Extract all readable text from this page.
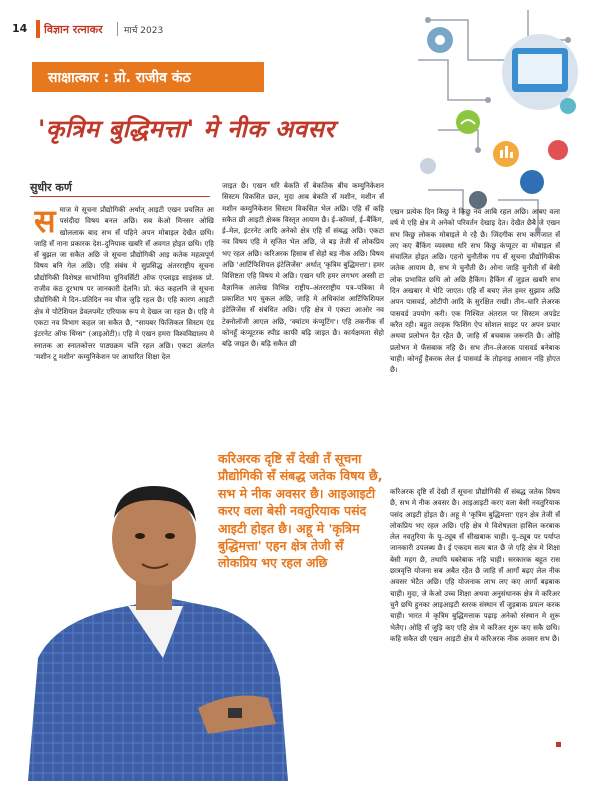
14 विज्ञान रत्नाकर मार्च 2023
साक्षात्कार : प्रो. राजीव कंठ
'कृत्रिम बुद्धिमत्ता' मे नीक अवसर
सुधीर कर्ण
समाज मे सूचना प्रौद्योगिकी अर्थात् आइटी एखन प्रचलित आ पसंदीदा विषय बनल अछि। सब केओ मिनसर ओखि खोललाक बाद सभ सँ पहिने अपन मोबाइल देखैत छथि। जाहि सँ नाना प्रकारक देश–दुनियाक खबरि सँ अवगत होइत छथि। एहि सँ बुझल जा सकैत अछि जे सूचना प्रौद्योगिकी आइ कतेक महत्वपूर्ण विषय बनि गेल अछि। एहि संबंध मे सुप्रसिद्ध अंतरराष्ट्रीय सूचना प्रौद्योगिकी विशेषज्ञ साभोनिया यूनिवर्सिटी ऑफ एप्लाइड साइंसक प्रो. राजीव कंठ दूरभाष पर जानकारी देलनि। प्रो. कंठ कहलनि जे सूचना प्रौद्योगिकी मे दिन–प्रतिदिन नव चीज जुड़ि रहल छै। एहि कारण आइटी क्षेत्र मे पोटेंशियल डेवलपमेंट एरियाक रूप मे देखल जा रहल छै। एहि मे एकटा नव विभाग कहल जा सकैत छै, "सायबर फिजिकल सिस्टम एंड इंटरनेट ऑफ थिंग्स" (आइओटी)। एहि मे एखन हमरा विश्वविद्यालय मे स्नातक आ स्नातकोत्तर पाठ्यक्रम चलि रहल अछि। एकटा अंतर्गत 'मशीन टू मशीन' कम्युनिकेशन पर आधारित शिक्षा देल
जाइत छै। एखन धरि बेकति सँ बेकतिक बीच कम्युनिकेशन सिस्टम विकसित छल, मुदा आब बेकति सँ मशीन, मशीन सँ मशीन कम्युनिकेशन सिस्टम विकसित भेल अछि। एहि सँ कहि सकैत छी आइटी क्षेत्रक विस्तृत आयाम छै। ई–कॉमर्स, ई–बैंकिंग, ई–मेल, इंटरनेट आदि अनेको क्षेत्र एहि सँ संबद्ध अछि। एकटा नव विषय एहि मे सृजित भेल अछि, जे बड़ तेजी सँ लोकप्रिय भए रहल अछि। करिअरक हिसाब सँ सेहो बड़ नीक अछि। विषय अछि 'आर्टिफिशियल इंटेलिजेंस' अर्थात् 'कृत्रिम बुद्धिमत्ता'। हमर विशिष्टता एहि विषय मे अछि। एखन धरि हमर लगभग अस्सी टा वैज्ञानिक आलेख विभिन्न राष्ट्रीय–अंतरराष्ट्रीय पत्र–पत्रिका मे प्रकाशित भए चुकल अछि, जाहि मे अधिकांश आर्टिफिशियल इंटेलिजेंस सँ संबंधित अछि। एहि क्षेत्र मे एकटा आओर नव टेक्नोलॉजी आएल अछि, 'क्वांटम कंप्यूटिंग'। एहि तकनीक सँ कोनहुँ कंप्यूटरक स्पीड काफी बढ़ि जाइत छै। कार्यक्षमता सेहो बढ़ि जाइत छै। बढ़ि सकैत छी
करिअरक दृष्टि सँ देखी तँ सूचना प्रौद्योगिकी सँ संबद्ध जतेक विषय छै, सभ मे नीक अवसर छै। आइआइटी करए वला बेसी नवतुरियाक पसंद आइटी होइत छै। अहू मे 'कृत्रिम बुद्धिमत्ता' एहन क्षेत्र तेजी सँ लोकप्रिय भए रहल अछि
एखन प्रत्येक दिन किछु ने किछु नव आबि रहल अछि। आबए वला वर्ष मे एहि क्षेत्र मे अनेको परिवर्तन देखाइ देत। देखैत छैबै जे एखन सभ किछु लोकक मोबाइले मे रहै छै। जिंदगीक सभ कागजात सँ लए कए बैंकिंग व्यवस्था धरि सभ किछु कंप्यूटर वा मोबाइल सँ संचालित होइत अछि। एहनो चुनौतीक गप सँ सूचना प्रौद्योगिकीक जतेक आयाम छै, सभ मे चुनौती छै। ओना जाहि चुनौती सँ बेसी लोक प्रभावित छथि ओ अछि हैकिंग। हैकिंग सँ जुड़ल खबरि सभ दिन अखबार मे भेटि जाएत। एहि सँ बचए लेल हमर सुझाव अछि अपन पासवर्ड, ओटीपी आदि के सुरक्षित राखी। तीन–चारि लेअरक पासवर्ड उपयोग करी। एक निश्चित अंतराल पर सिस्टम अपडेट करैत रही। बहुत तरहक फिशिंग ऐप सोशल साइट पर अपन प्रचार अथवा प्रलोभन दैत रहैत छै, जाहि सँ बचबाक जरूरति छै। ओहि प्रलोभन मे फँसबाक नहि छै। सभ तीन–लेअरक पासवर्ड बनेबाक चाही। कोनहुँ हैकरक लेल ई पासवर्ड के तोड़नाइ आसान नहि होएत छै।
करिअरक दृष्टि सँ देखी तँ सूचना प्रौद्योगिकी सँ संबद्ध जतेक विषय छै, सभ मे नीक अवसर छै। आइआइटी करए वला बेसी नवतुरियाक पसंद आइटी होइत छै। अहू मे 'कृत्रिम बुद्धिमत्ता' एहन क्षेत्र तेजी सँ लोकप्रिय भए रहल अछि। एहि क्षेत्र मे विशेषज्ञता हासिल करबाक लेल नवतुरिया के यू–ट्यूब सँ सीखबाक चाही। यू–ट्यूब पर पर्याप्त जानकारी उपलब्ध छै। ई एकदम सत्य बात छै जे एहि क्षेत्र मे शिक्षा बेसी महग छै, तथापि घबरेबाक नहि चाही। सरकारक बहुत रास छात्रवृत्ति योजना सब अबैत रहैत छै जाहि सँ आगाँ बढ़ए लेल नीक अवसर भेटैत अछि। एहि योजनाक लाभ लए कए आगाँ बढ़बाक चाही। मुदा, जे केओ उच्च शिक्षा अथवा अनुसंधानक क्षेत्र मे करिअर चुनै छथि हुनका आइआइटी स्तरक संस्थान सँ जुड़बाक प्रयत्न करक चाही। भारत मे कृत्रिम बुद्धिमत्ताक पढ़ाइ अनेको संस्थान मे शुरू भेलैए। ओहि सँ जुड़ि कए एहि क्षेत्र मे करिअर शुरू कए सकै छथि। कहि सकैत छी एखन आइटी क्षेत्र मे करिअरक नीक अवसर सभ छै।
